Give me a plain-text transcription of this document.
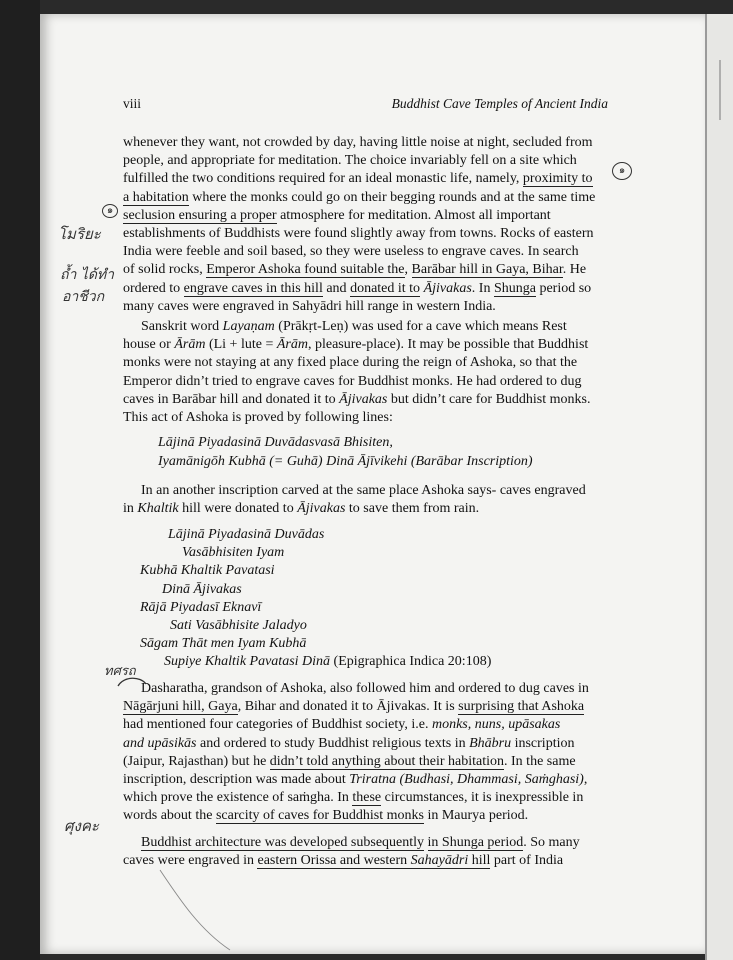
viii	Buddhist Cave Temples of Ancient India

whenever they want, not crowded by day, having little noise at night, secluded from

people, and appropriate for meditation. The choice invariably fell on a site which

fulfilled the two conditions required for an ideal monastic life, namely, proximity to

a habitation where the monks could go on their begging rounds and at the same time

seclusion ensuring a proper atmosphere for meditation. Almost all important

establishments of Buddhists were found slightly away from towns. Rocks of eastern

India were feeble and soil based, so they were useless to engrave caves. In search

of solid rocks, Emperor Ashoka found suitable the, Barābar hill in Gaya, Bihar. He

ordered to engrave caves in this hill and donated it to Ājivakas. In Shunga period so

many caves were engraved in Sahyādri hill range in western India.

Sanskrit word Layaṇam (Prākṛt-Leṇ) was used for a cave which means Rest

house or Ārām (Li + lute = Ārām, pleasure-place). It may be possible that Buddhist

monks were not staying at any fixed place during the reign of Ashoka, so that the

Emperor didn’t tried to engrave caves for Buddhist monks. He had ordered to dug

caves in Barābar hill and donated it to Ājivakas but didn’t care for Buddhist monks.

This act of Ashoka is proved by following lines:

Lājinā Piyadasinā Duvādasvasā Bhisiten,
Iyamānigōh Kubhā (= Guhā) Dinā Ājīvikehi (Barābar Inscription)

In an another inscription carved at the same place Ashoka says- caves engraved

in Khaltik hill were donated to Ājivakas to save them from rain.

Lājinā Piyadasinā Duvādas
Vasābhisiten Iyam
Kubhā Khaltik Pavatasi
Dinā Ājivakas
Rājā Piyadasī Eknavī
Sati Vasābhisite Jaladyo
Sāgam Thāt men Iyam Kubhā
Supiye Khaltik Pavatasi Dinā (Epigraphica Indica 20:108)

Dasharatha, grandson of Ashoka, also followed him and ordered to dug caves in

Nāgārjuni hill, Gaya, Bihar and donated it to Ājivakas. It is surprising that Ashoka

had mentioned four categories of Buddhist society, i.e. monks, nuns, upāsakas

and upāsikās and ordered to study Buddhist religious texts in Bhābru inscription

(Jaipur, Rajasthan) but he didn’t told anything about their habitation. In the same

inscription, description was made about Triratna (Budhasi, Dhammasi, Saṁghasi),

which prove the existence of saṁgha. In these circumstances, it is inexpressible in

words about the scarcity of caves for Buddhist monks in Maurya period.

Buddhist architecture was developed subsequently in Shunga period. So many

caves were engraved in eastern Orissa and western Sahayādri hill part of India

โมริยะ
ถ้ำ ได้ทำ
อาชีวก
ทศรถ
ศุงคะ
๑
๑
